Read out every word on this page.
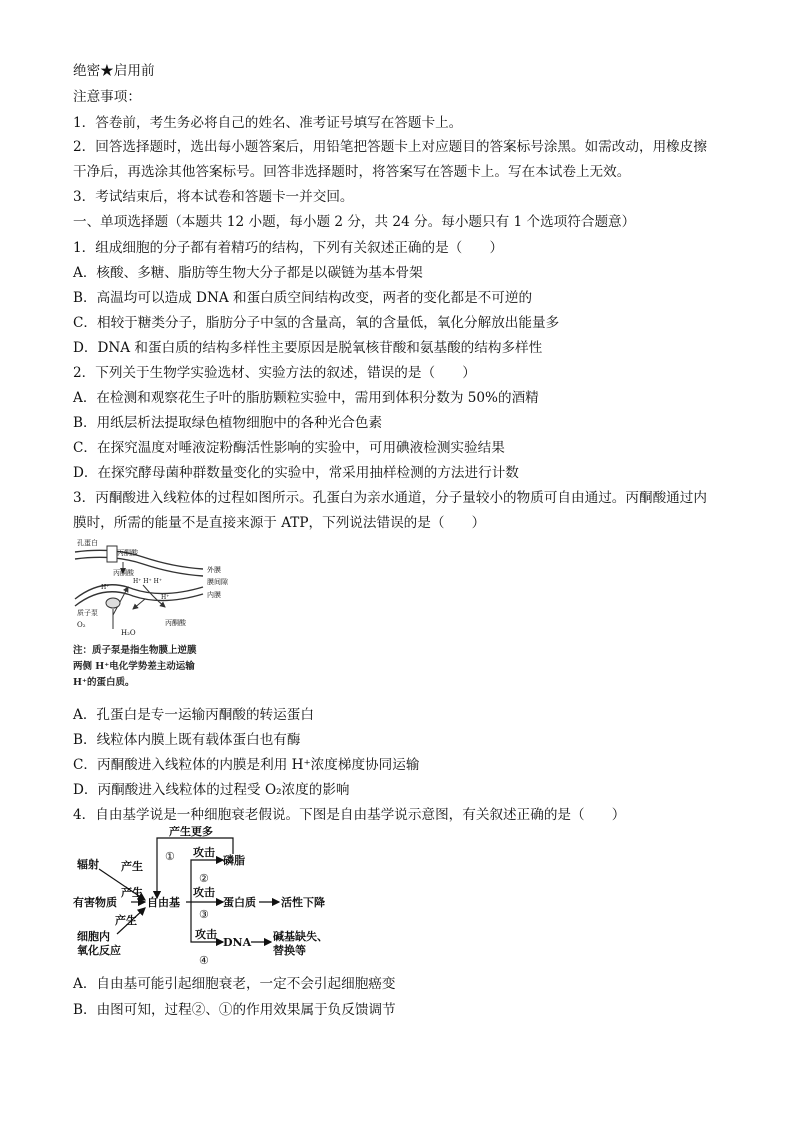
绝密★启用前
注意事项：
1．答卷前，考生务必将自己的姓名、准考证号填写在答题卡上。
2．回答选择题时，选出每小题答案后，用铅笔把答题卡上对应题目的答案标号涂黑。如需改动，用橡皮擦
干净后，再选涂其他答案标号。回答非选择题时，将答案写在答题卡上。写在本试卷上无效。
3．考试结束后，将本试卷和答题卡一并交回。
一、单项选择题（本题共 12 小题，每小题 2 分，共 24 分。每小题只有 1 个选项符合题意）
1．组成细胞的分子都有着精巧的结构，下列有关叙述正确的是（　　）
A．核酸、多糖、脂肪等生物大分子都是以碳链为基本骨架
B．高温均可以造成 DNA 和蛋白质空间结构改变，两者的变化都是不可逆的
C．相较于糖类分子，脂肪分子中氢的含量高，氧的含量低，氧化分解放出能量多
D．DNA 和蛋白质的结构多样性主要原因是脱氧核苷酸和氨基酸的结构多样性
2．下列关于生物学实验选材、实验方法的叙述，错误的是（　　）
A．在检测和观察花生子叶的脂肪颗粒实验中，需用到体积分数为 50%的酒精
B．用纸层析法提取绿色植物细胞中的各种光合色素
C．在探究温度对唾液淀粉酶活性影响的实验中，可用碘液检测实验结果
D．在探究酵母菌种群数量变化的实验中，常采用抽样检测的方法进行计数
3．丙酮酸进入线粒体的过程如图所示。孔蛋白为亲水通道，分子量较小的物质可自由通过。丙酮酸通过内
膜时，所需的能量不是直接来源于 ATP，下列说法错误的是（　　）
孔蛋白
丙酮酸
外膜
膜间隙
内膜
H⁺ H⁺ H⁺
丙酮酸
H⁺
H⁺
质子泵
O₂
H₂O
丙酮酸
注：质子泵是指生物膜上逆膜
两侧 H⁺电化学势差主动运输
H⁺的蛋白质。
A．孔蛋白是专一运输丙酮酸的转运蛋白
B．线粒体内膜上既有载体蛋白也有酶
C．丙酮酸进入线粒体的内膜是利用 H⁺浓度梯度协同运输
D．丙酮酸进入线粒体的过程受 O₂浓度的影响
4．自由基学说是一种细胞衰老假说。下图是自由基学说示意图，有关叙述正确的是（　　）
产生更多
① 攻击
磷脂
②
辐射 产生
产生
有害物质	自由基
攻击
蛋白质 活性下降
③
产生
细胞内
氧化反应
攻击
DNA 碱基缺失、
替换等
④
A．自由基可能引起细胞衰老，一定不会引起细胞癌变
B．由图可知，过程②、①的作用效果属于负反馈调节
